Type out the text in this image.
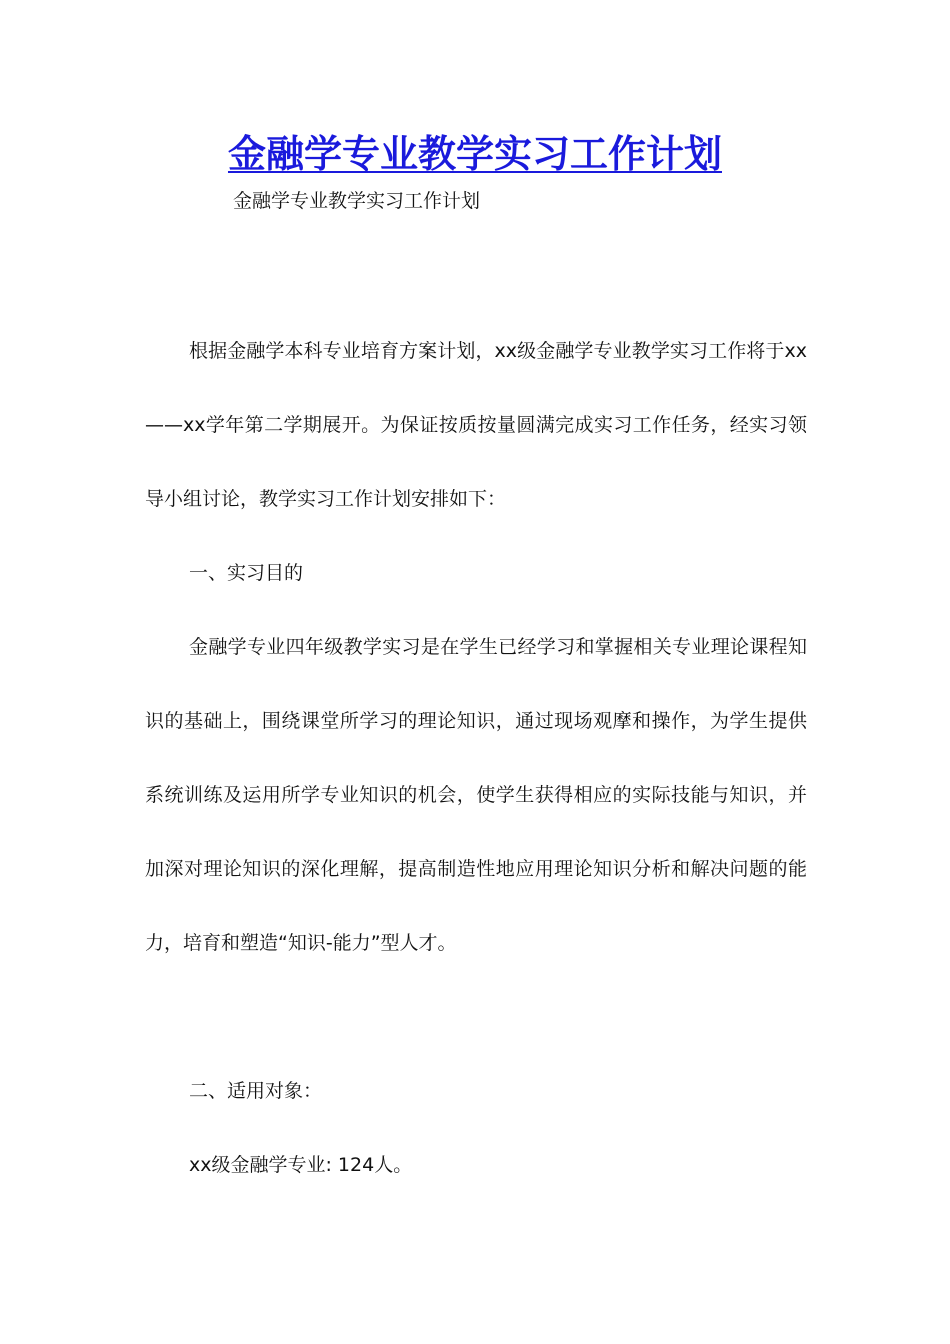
金融学专业教学实习工作计划

金融学专业教学实习工作计划

根据金融学本科专业培育方案计划，xx级金融学专业教学实习工作将于xx——xx学年第二学期展开。为保证按质按量圆满完成实习工作任务，经实习领导小组讨论，教学实习工作计划安排如下：

一、实习目的

金融学专业四年级教学实习是在学生已经学习和掌握相关专业理论课程知识的基础上，围绕课堂所学习的理论知识，通过现场观摩和操作，为学生提供系统训练及运用所学专业知识的机会，使学生获得相应的实际技能与知识，并加深对理论知识的深化理解，提高制造性地应用理论知识分析和解决问题的能力，培育和塑造“知识-能力”型人才。

二、适用对象：

xx级金融学专业: 124人。
